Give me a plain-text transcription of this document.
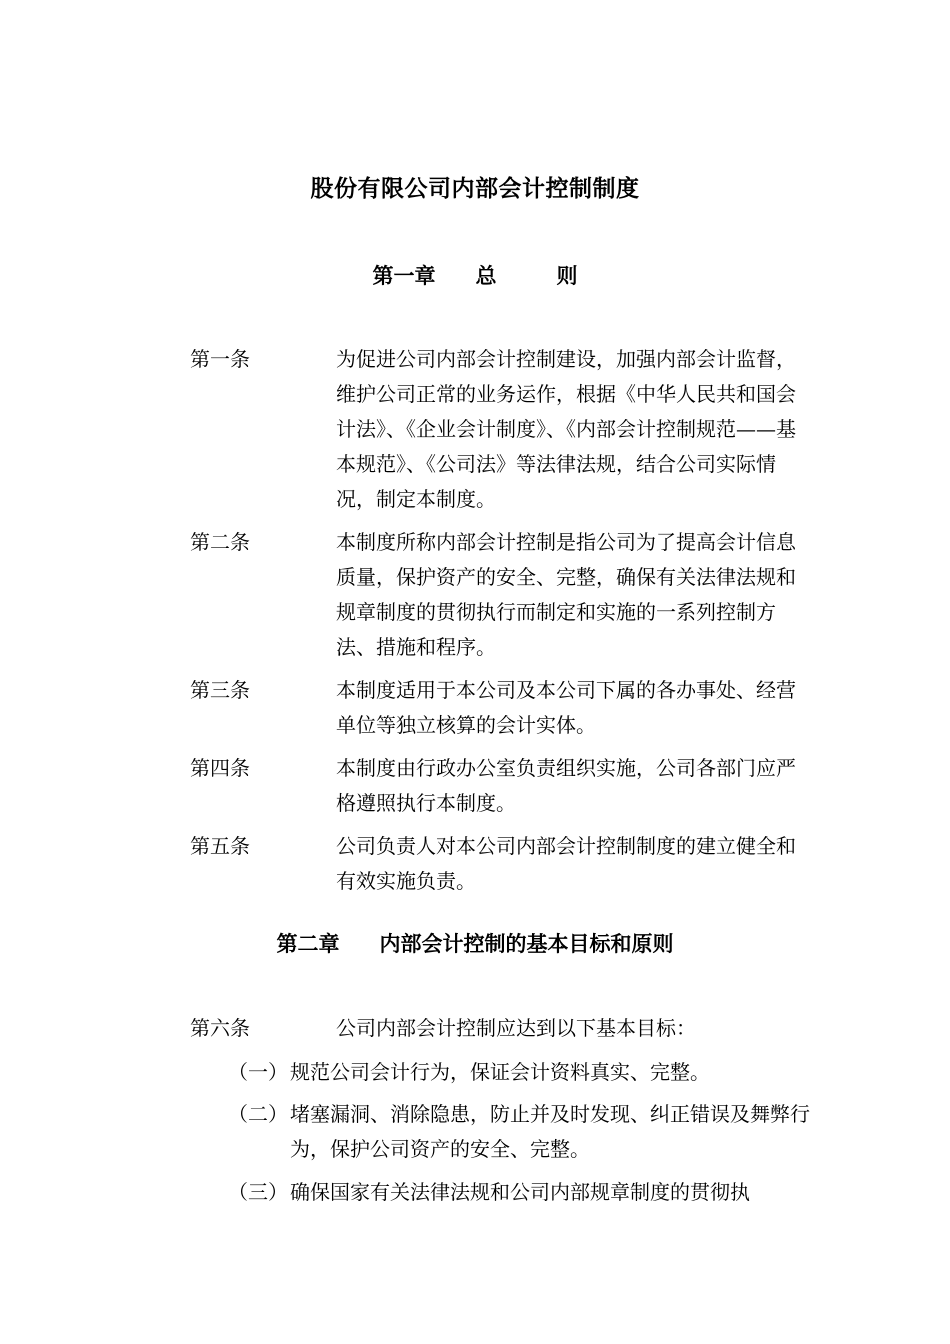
股份有限公司内部会计控制制度
第一章 总	则
第一条	为促进公司内部会计控制建设，加强内部会计监督，维护公司正常的业务运作，根据《中华人民共和国会计法》、《企业会计制度》、《内部会计控制规范——基本规范》、《公司法》等法律法规，结合公司实际情况，制定本制度。
第二条	本制度所称内部会计控制是指公司为了提高会计信息质量，保护资产的安全、完整，确保有关法律法规和规章制度的贯彻执行而制定和实施的一系列控制方法、措施和程序。
第三条	本制度适用于本公司及本公司下属的各办事处、经营单位等独立核算的会计实体。
第四条	本制度由行政办公室负责组织实施，公司各部门应严格遵照执行本制度。
第五条	公司负责人对本公司内部会计控制制度的建立健全和有效实施负责。
第二章 内部会计控制的基本目标和原则
第六条	公司内部会计控制应达到以下基本目标：
（一） 规范公司会计行为，保证会计资料真实、完整。
（二） 堵塞漏洞、消除隐患，防止并及时发现、纠正错误及舞弊行为，保护公司资产的安全、完整。
（三） 确保国家有关法律法规和公司内部规章制度的贯彻执
